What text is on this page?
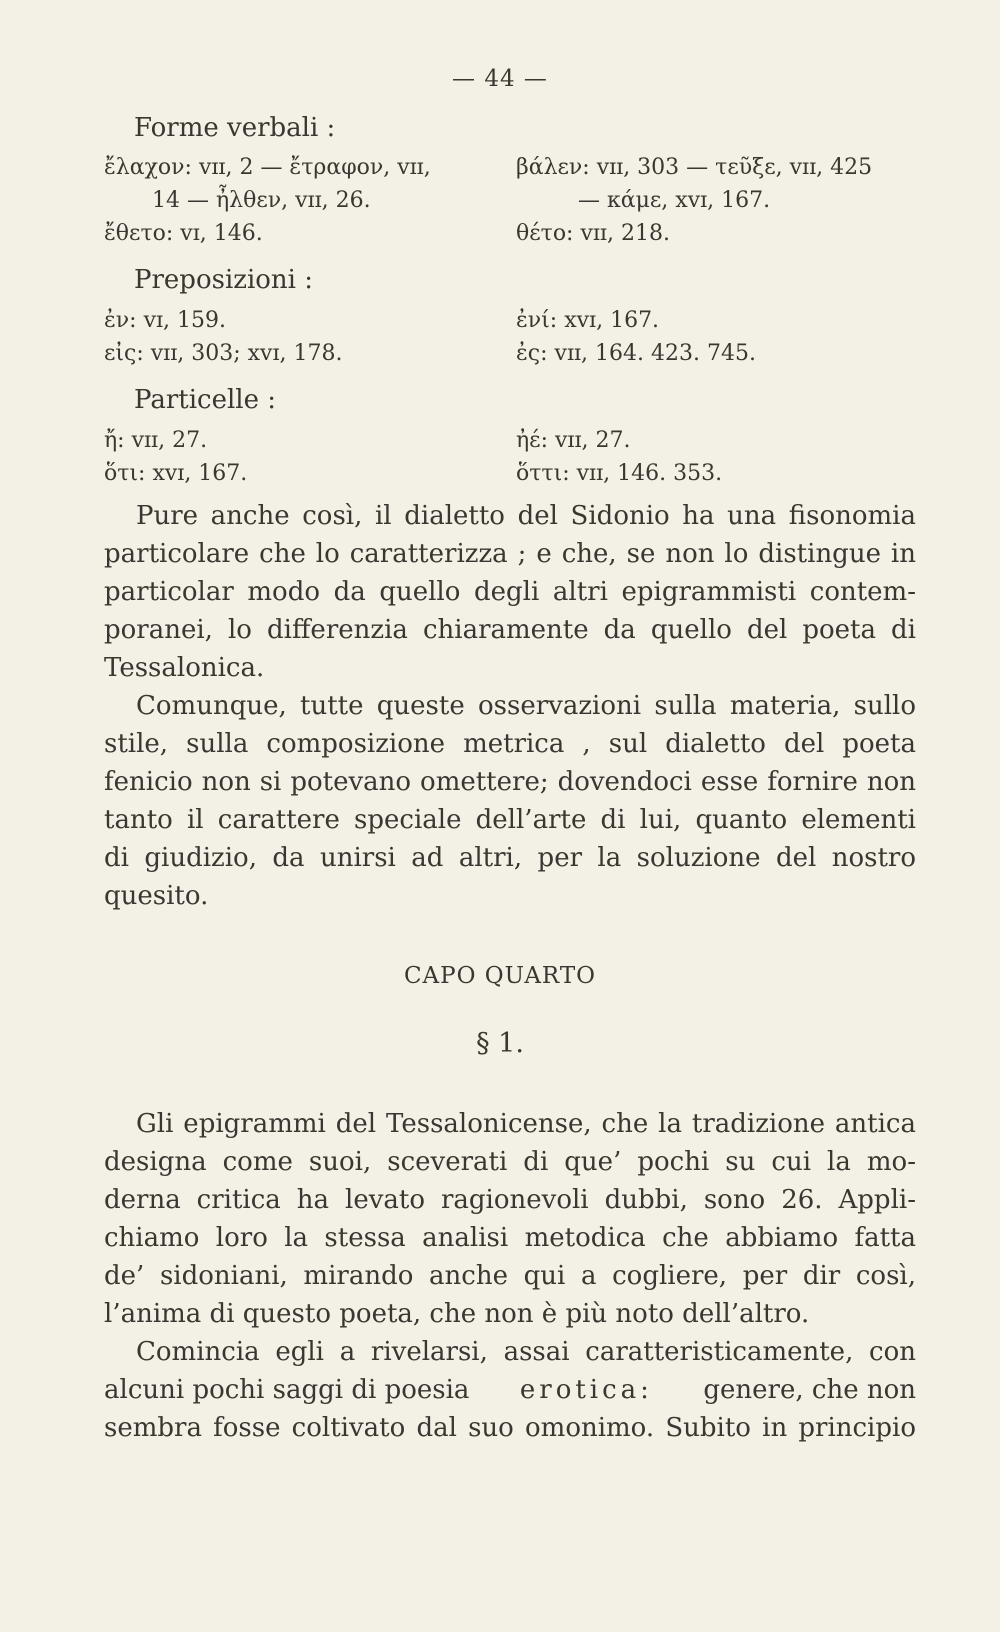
— 44 —
Forme verbali :
ἔλαχον: ᴠɪɪ, 2 — ἔτραφον, ᴠɪɪ,
14 — ἦλθεν, ᴠɪɪ, 26.
ἔθετο: ᴠɪ, 146.
βάλεν: ᴠɪɪ, 303 — τεῦξε, ᴠɪɪ, 425
— κάμε, xᴠɪ, 167.
θέτο: ᴠɪɪ, 218.
Preposizioni :
ἐν: ᴠɪ, 159.
εἰς: ᴠɪɪ, 303; xᴠɪ, 178.
ἐνί: xᴠɪ, 167.
ἐς: ᴠɪɪ, 164. 423. 745.
Particelle :
ἤ: ᴠɪɪ, 27.
ὅτι: xᴠɪ, 167.
ἠέ: ᴠɪɪ, 27.
ὅττι: ᴠɪɪ, 146. 353.
Pure anche così, il dialetto del Sidonio ha una fisonomia
particolare che lo caratterizza ; e che, se non lo distingue in
particolar modo da quello degli altri epigrammisti contem-
poranei, lo differenzia chiaramente da quello del poeta di
Tessalonica.
Comunque, tutte queste osservazioni sulla materia, sullo
stile, sulla composizione metrica , sul dialetto del poeta
fenicio non si potevano omettere; dovendoci esse fornire non
tanto il carattere speciale dell’arte di lui, quanto elementi
di giudizio, da unirsi ad altri, per la soluzione del nostro
quesito.
CAPO QUARTO
§ 1.
Gli epigrammi del Tessalonicense, che la tradizione antica
designa come suoi, sceverati di que’ pochi su cui la mo-
derna critica ha levato ragionevoli dubbi, sono 26. Appli-
chiamo loro la stessa analisi metodica che abbiamo fatta
de’ sidoniani, mirando anche qui a cogliere, per dir così,
l’anima di questo poeta, che non è più noto dell’altro.
Comincia egli a rivelarsi, assai caratteristicamente, con
alcuni pochi saggi di poesia erotica: genere, che non
sembra fosse coltivato dal suo omonimo. Subito in principio
